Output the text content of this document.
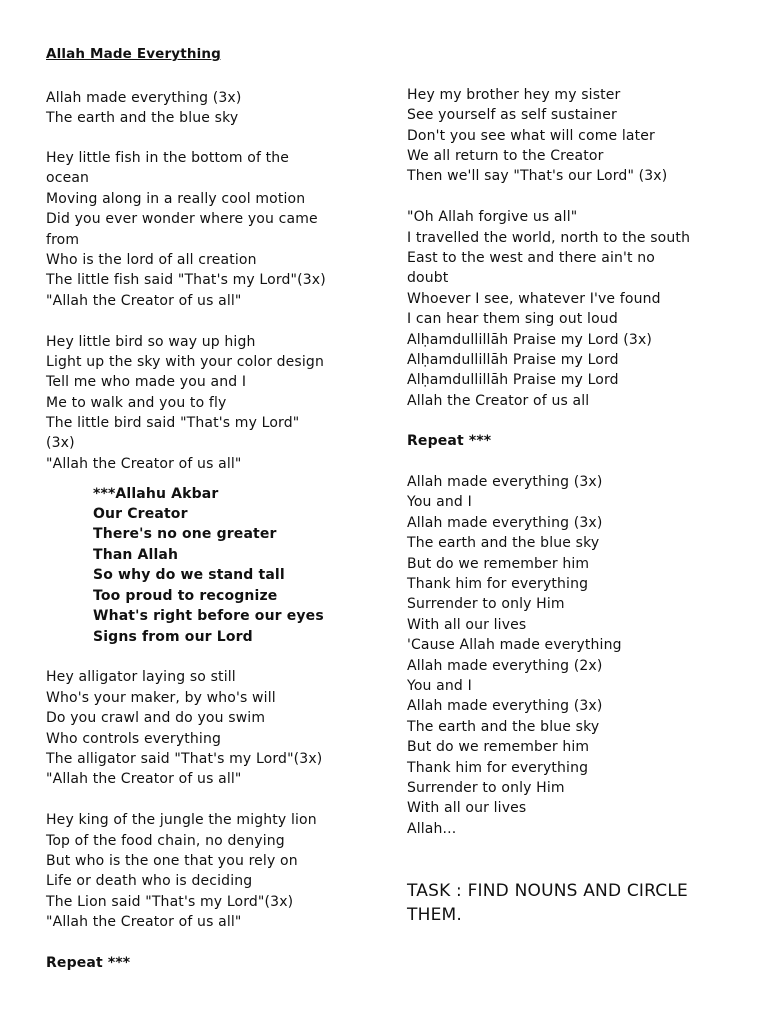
Allah Made Everything
Allah made everything (3x)
The earth and the blue sky
Hey little fish in the bottom of the
ocean
Moving along in a really cool motion
Did you ever wonder where you came
from
Who is the lord of all creation
The little fish said "That's my Lord"(3x)
"Allah the Creator of us all"
Hey little bird so way up high
Light up the sky with your color design
Tell me who made you and I
Me to walk and you to fly
The little bird said "That's my Lord"
(3x)
"Allah the Creator of us all"
***Allahu Akbar
Our Creator
There's no one greater
Than Allah
So why do we stand tall
Too proud to recognize
What's right before our eyes
Signs from our Lord
Hey alligator laying so still
Who's your maker, by who's will
Do you crawl and do you swim
Who controls everything
The alligator said "That's my Lord"(3x)
"Allah the Creator of us all"
Hey king of the jungle the mighty lion
Top of the food chain, no denying
But who is the one that you rely on
Life or death who is deciding
The Lion said "That's my Lord"(3x)
"Allah the Creator of us all"
Repeat ***
Hey my brother hey my sister
See yourself as self sustainer
Don't you see what will come later
We all return to the Creator
Then we'll say "That's our Lord" (3x)
"Oh Allah forgive us all"
I travelled the world, north to the south
East to the west and there ain't no
doubt
Whoever I see, whatever I've found
I can hear them sing out loud
Alḥamdullillāh Praise my Lord (3x)
Alḥamdullillāh Praise my Lord
Alḥamdullillāh Praise my Lord
Allah the Creator of us all
Repeat ***
Allah made everything (3x)
You and I
Allah made everything (3x)
The earth and the blue sky
But do we remember him
Thank him for everything
Surrender to only Him
With all our lives
'Cause Allah made everything
Allah made everything (2x)
You and I
Allah made everything (3x)
The earth and the blue sky
But do we remember him
Thank him for everything
Surrender to only Him
With all our lives
Allah...
TASK : FIND NOUNS AND CIRCLE
THEM.
